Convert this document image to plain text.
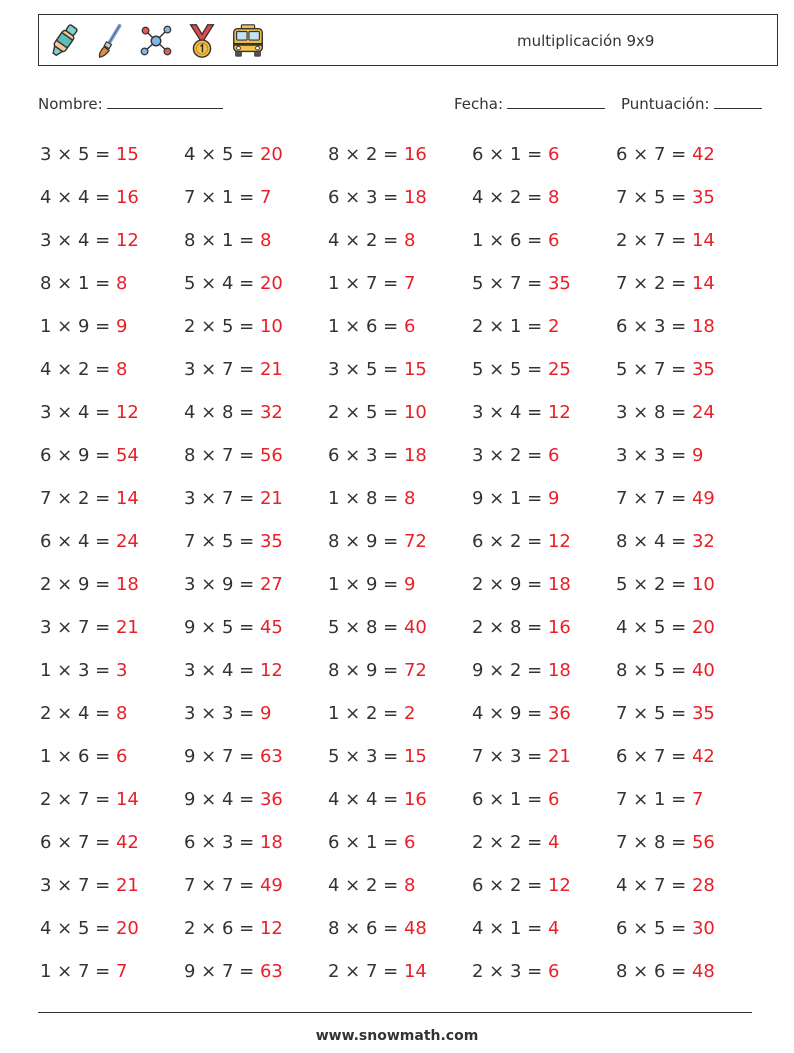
multiplicación 9x9
Nombre:	Fecha:	Puntuación:
3 × 5 = 15	4 × 5 = 20	8 × 2 = 16	6 × 1 = 6	6 × 7 = 42
4 × 4 = 16	7 × 1 = 7	6 × 3 = 18	4 × 2 = 8	7 × 5 = 35
3 × 4 = 12	8 × 1 = 8	4 × 2 = 8	1 × 6 = 6	2 × 7 = 14
8 × 1 = 8	5 × 4 = 20	1 × 7 = 7	5 × 7 = 35	7 × 2 = 14
1 × 9 = 9	2 × 5 = 10	1 × 6 = 6	2 × 1 = 2	6 × 3 = 18
4 × 2 = 8	3 × 7 = 21	3 × 5 = 15	5 × 5 = 25	5 × 7 = 35
3 × 4 = 12	4 × 8 = 32	2 × 5 = 10	3 × 4 = 12	3 × 8 = 24
6 × 9 = 54	8 × 7 = 56	6 × 3 = 18	3 × 2 = 6	3 × 3 = 9
7 × 2 = 14	3 × 7 = 21	1 × 8 = 8	9 × 1 = 9	7 × 7 = 49
6 × 4 = 24	7 × 5 = 35	8 × 9 = 72	6 × 2 = 12	8 × 4 = 32
2 × 9 = 18	3 × 9 = 27	1 × 9 = 9	2 × 9 = 18	5 × 2 = 10
3 × 7 = 21	9 × 5 = 45	5 × 8 = 40	2 × 8 = 16	4 × 5 = 20
1 × 3 = 3	3 × 4 = 12	8 × 9 = 72	9 × 2 = 18	8 × 5 = 40
2 × 4 = 8	3 × 3 = 9	1 × 2 = 2	4 × 9 = 36	7 × 5 = 35
1 × 6 = 6	9 × 7 = 63	5 × 3 = 15	7 × 3 = 21	6 × 7 = 42
2 × 7 = 14	9 × 4 = 36	4 × 4 = 16	6 × 1 = 6	7 × 1 = 7
6 × 7 = 42	6 × 3 = 18	6 × 1 = 6	2 × 2 = 4	7 × 8 = 56
3 × 7 = 21	7 × 7 = 49	4 × 2 = 8	6 × 2 = 12	4 × 7 = 28
4 × 5 = 20	2 × 6 = 12	8 × 6 = 48	4 × 1 = 4	6 × 5 = 30
1 × 7 = 7	9 × 7 = 63	2 × 7 = 14	2 × 3 = 6	8 × 6 = 48
www.snowmath.com
